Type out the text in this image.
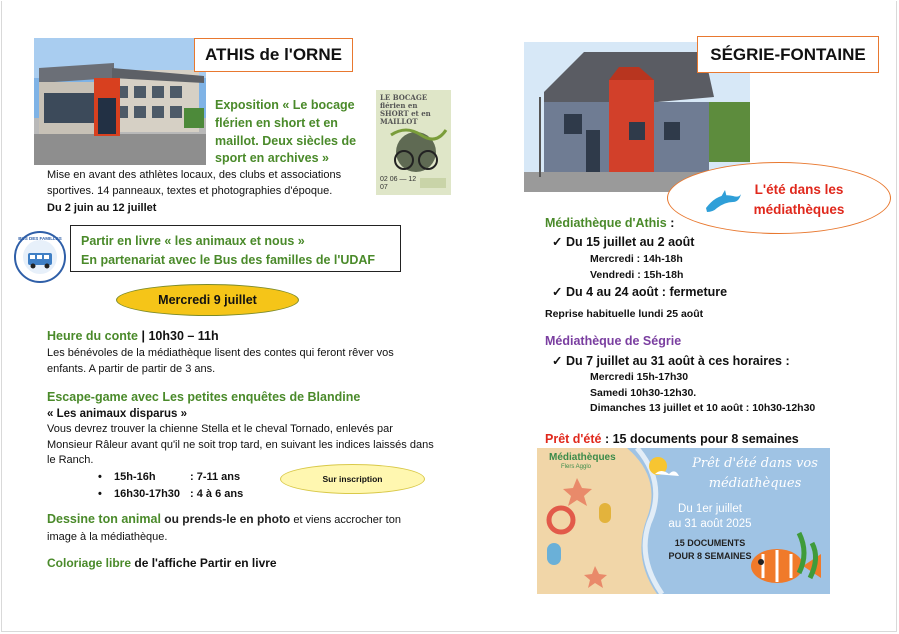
ATHIS de l'ORNE
Exposition « Le bocage flérien en short et en maillot. Deux siècles de sport en archives »
LE BOCAGE flérien en SHORT et en MAILLOT
02 06 — 12 07
Mise en avant des athlètes locaux, des clubs et associations sportives. 14 panneaux, textes et photographies d'époque.
Du 2 juin au 12 juillet
BUS DES FAMILLES Partir en livre « les animaux et nous »
En partenariat avec le Bus des familles de l'UDAF
Mercredi 9 juillet
Heure du conte | 10h30 – 11h
Les bénévoles de la médiathèque lisent des contes qui feront rêver vos enfants. A partir de partir de 3 ans.
Escape-game avec Les petites enquêtes de Blandine
« Les animaux disparus »
Vous devrez trouver la chienne Stella et le cheval Tornado, enlevés par Monsieur Râleur avant qu'il ne soit trop tard, en suivant les indices laissés dans le Ranch.
• 15h-16h	: 7-11 ans
• 16h30-17h30 : 4 à 6 ans
Sur inscription
Dessine ton animal ou prends-le en photo et viens accrocher ton image à la médiathèque.
Coloriage libre de l'affiche Partir en livre
SÉGRIE-FONTAINE
L'été dans les médiathèques
Médiathèque d'Athis :
✓ Du 15 juillet au 2 août
Mercredi : 14h-18h
Vendredi : 15h-18h
✓ Du 4 au 24 août : fermeture
Reprise habituelle lundi 25 août
Médiathèque de Ségrie
✓ Du 7 juillet au 31 août à ces horaires :
Mercredi 15h-17h30
Samedi 10h30-12h30.
Dimanches 13 juillet et 10 août : 10h30-12h30
Prêt d'été : 15 documents pour 8 semaines
Médiathèques
Flers Agglo	Prêt d'été dans vos médiathèques
Du 1er juillet
au 31 août 2025
15 DOCUMENTS
POUR 8 SEMAINES
